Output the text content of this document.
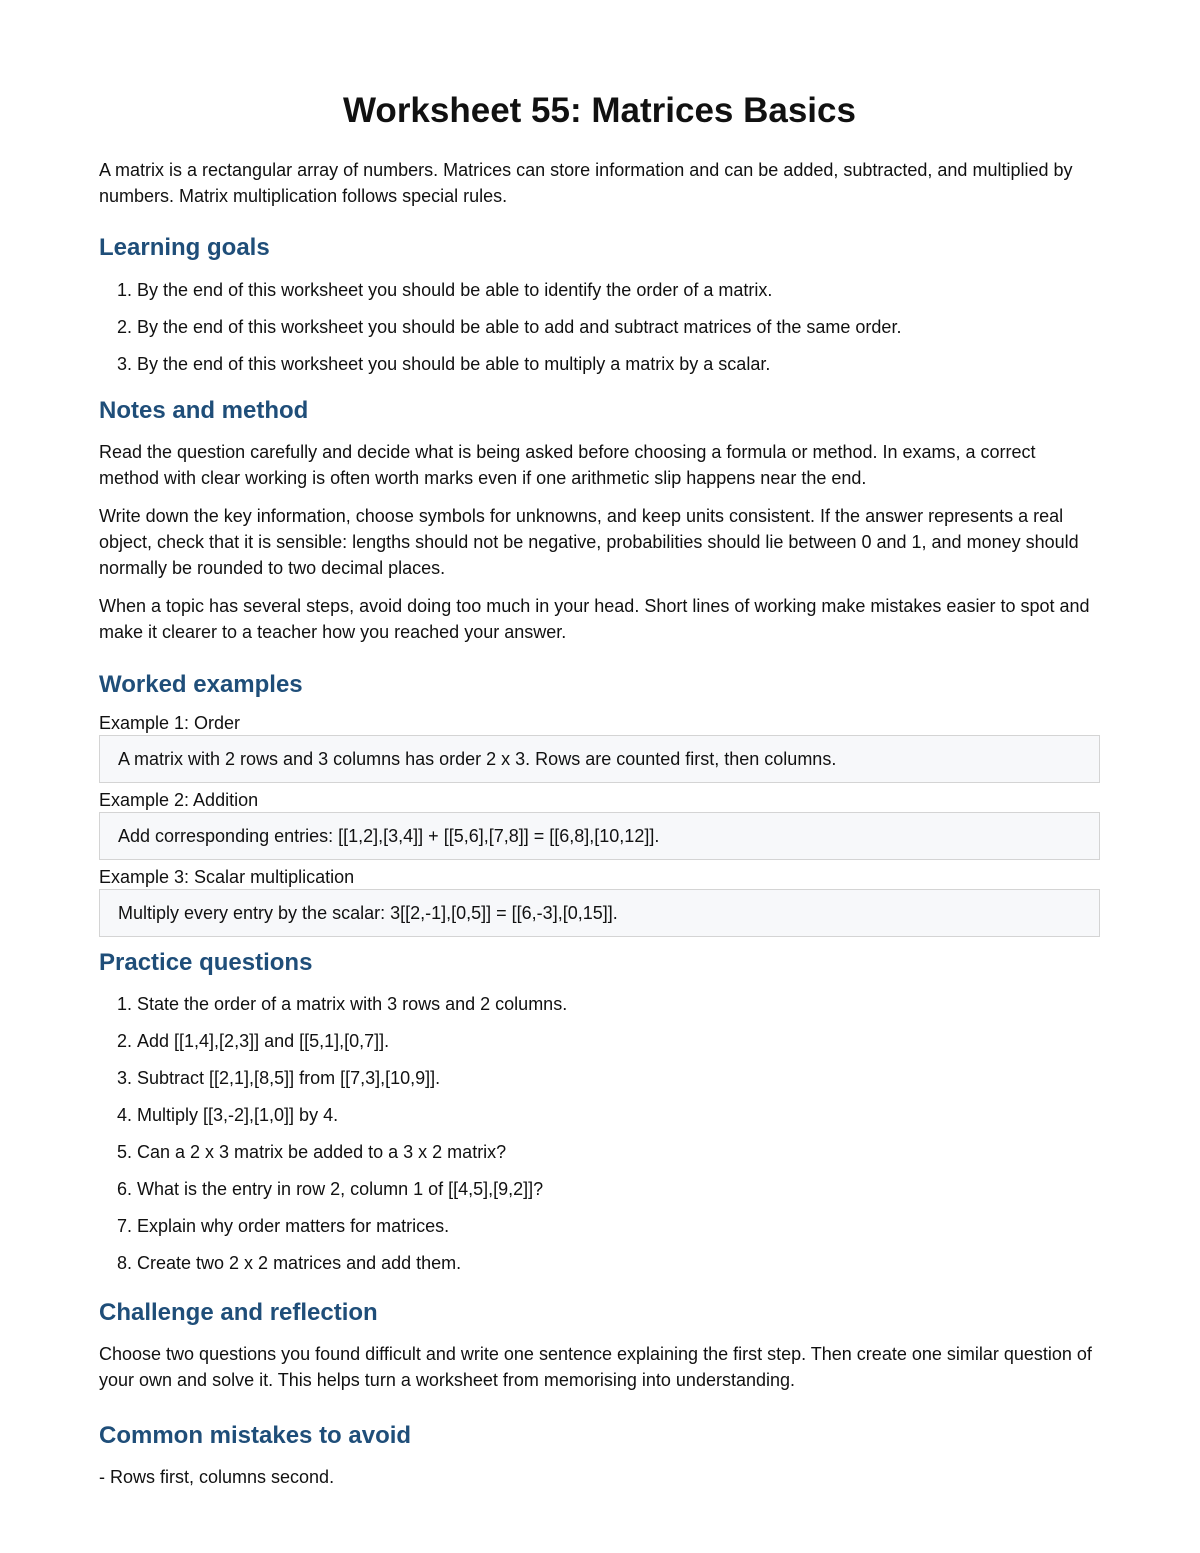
Worksheet 55: Matrices Basics

A matrix is a rectangular array of numbers. Matrices can store information and can be added, subtracted, and multiplied by numbers. Matrix multiplication follows special rules.

Learning goals
1. By the end of this worksheet you should be able to identify the order of a matrix.
2. By the end of this worksheet you should be able to add and subtract matrices of the same order.
3. By the end of this worksheet you should be able to multiply a matrix by a scalar.
Notes and method

Read the question carefully and decide what is being asked before choosing a formula or method. In exams, a correct method with clear working is often worth marks even if one arithmetic slip happens near the end.

Write down the key information, choose symbols for unknowns, and keep units consistent. If the answer represents a real object, check that it is sensible: lengths should not be negative, probabilities should lie between 0 and 1, and money should normally be rounded to two decimal places.

When a topic has several steps, avoid doing too much in your head. Short lines of working make mistakes easier to spot and make it clearer to a teacher how you reached your answer.

Worked examples
Example 1: Order
A matrix with 2 rows and 3 columns has order 2 x 3. Rows are counted first, then columns.
Example 2: Addition
Add corresponding entries: [[1,2],[3,4]] + [[5,6],[7,8]] = [[6,8],[10,12]].
Example 3: Scalar multiplication
Multiply every entry by the scalar: 3[[2,-1],[0,5]] = [[6,-3],[0,15]].
Practice questions
1. State the order of a matrix with 3 rows and 2 columns.
2. Add [[1,4],[2,3]] and [[5,1],[0,7]].
3. Subtract [[2,1],[8,5]] from [[7,3],[10,9]].
4. Multiply [[3,-2],[1,0]] by 4.
5. Can a 2 x 3 matrix be added to a 3 x 2 matrix?
6. What is the entry in row 2, column 1 of [[4,5],[9,2]]?
7. Explain why order matters for matrices.
8. Create two 2 x 2 matrices and add them.
Challenge and reflection

Choose two questions you found difficult and write one sentence explaining the first step. Then create one similar question of your own and solve it. This helps turn a worksheet from memorising into understanding.

Common mistakes to avoid

- Rows first, columns second.
